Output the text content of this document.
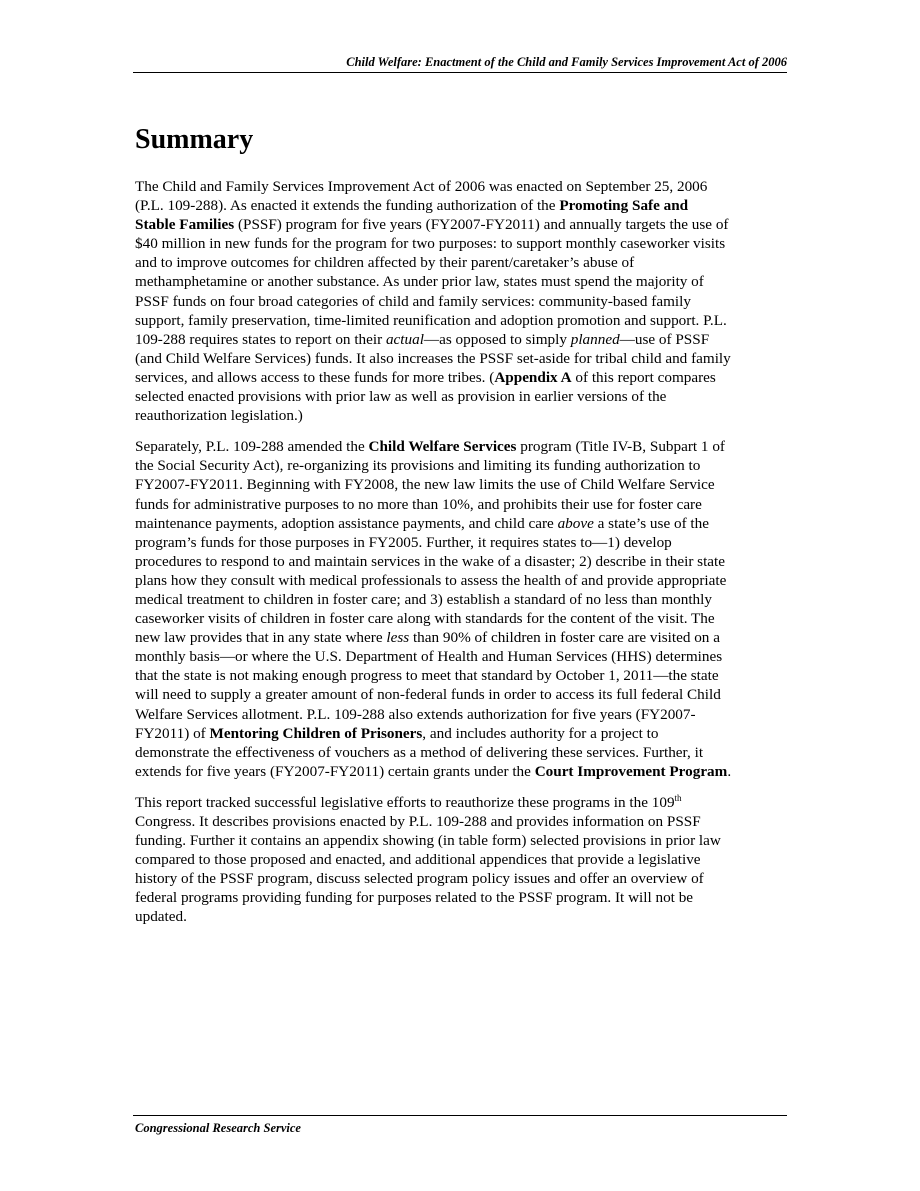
Child Welfare: Enactment of the Child and Family Services Improvement Act of 2006
Summary

The Child and Family Services Improvement Act of 2006 was enacted on September 25, 2006
(P.L. 109-288). As enacted it extends the funding authorization of the Promoting Safe and
Stable Families (PSSF) program for five years (FY2007-FY2011) and annually targets the use of
$40 million in new funds for the program for two purposes: to support monthly caseworker visits
and to improve outcomes for children affected by their parent/caretaker’s abuse of
methamphetamine or another substance. As under prior law, states must spend the majority of
PSSF funds on four broad categories of child and family services: community-based family
support, family preservation, time-limited reunification and adoption promotion and support. P.L.
109-288 requires states to report on their actual—as opposed to simply planned—use of PSSF
(and Child Welfare Services) funds. It also increases the PSSF set-aside for tribal child and family
services, and allows access to these funds for more tribes. (Appendix A of this report compares
selected enacted provisions with prior law as well as provision in earlier versions of the
reauthorization legislation.)

Separately, P.L. 109-288 amended the Child Welfare Services program (Title IV-B, Subpart 1 of
the Social Security Act), re-organizing its provisions and limiting its funding authorization to
FY2007-FY2011. Beginning with FY2008, the new law limits the use of Child Welfare Service
funds for administrative purposes to no more than 10%, and prohibits their use for foster care
maintenance payments, adoption assistance payments, and child care above a state’s use of the
program’s funds for those purposes in FY2005. Further, it requires states to—1) develop
procedures to respond to and maintain services in the wake of a disaster; 2) describe in their state
plans how they consult with medical professionals to assess the health of and provide appropriate
medical treatment to children in foster care; and 3) establish a standard of no less than monthly
caseworker visits of children in foster care along with standards for the content of the visit. The
new law provides that in any state where less than 90% of children in foster care are visited on a
monthly basis—or where the U.S. Department of Health and Human Services (HHS) determines
that the state is not making enough progress to meet that standard by October 1, 2011—the state
will need to supply a greater amount of non-federal funds in order to access its full federal Child
Welfare Services allotment. P.L. 109-288 also extends authorization for five years (FY2007-
FY2011) of Mentoring Children of Prisoners, and includes authority for a project to
demonstrate the effectiveness of vouchers as a method of delivering these services. Further, it
extends for five years (FY2007-FY2011) certain grants under the Court Improvement Program.

This report tracked successful legislative efforts to reauthorize these programs in the 109th
Congress. It describes provisions enacted by P.L. 109-288 and provides information on PSSF
funding. Further it contains an appendix showing (in table form) selected provisions in prior law
compared to those proposed and enacted, and additional appendices that provide a legislative
history of the PSSF program, discuss selected program policy issues and offer an overview of
federal programs providing funding for purposes related to the PSSF program. It will not be
updated.

Congressional Research Service
